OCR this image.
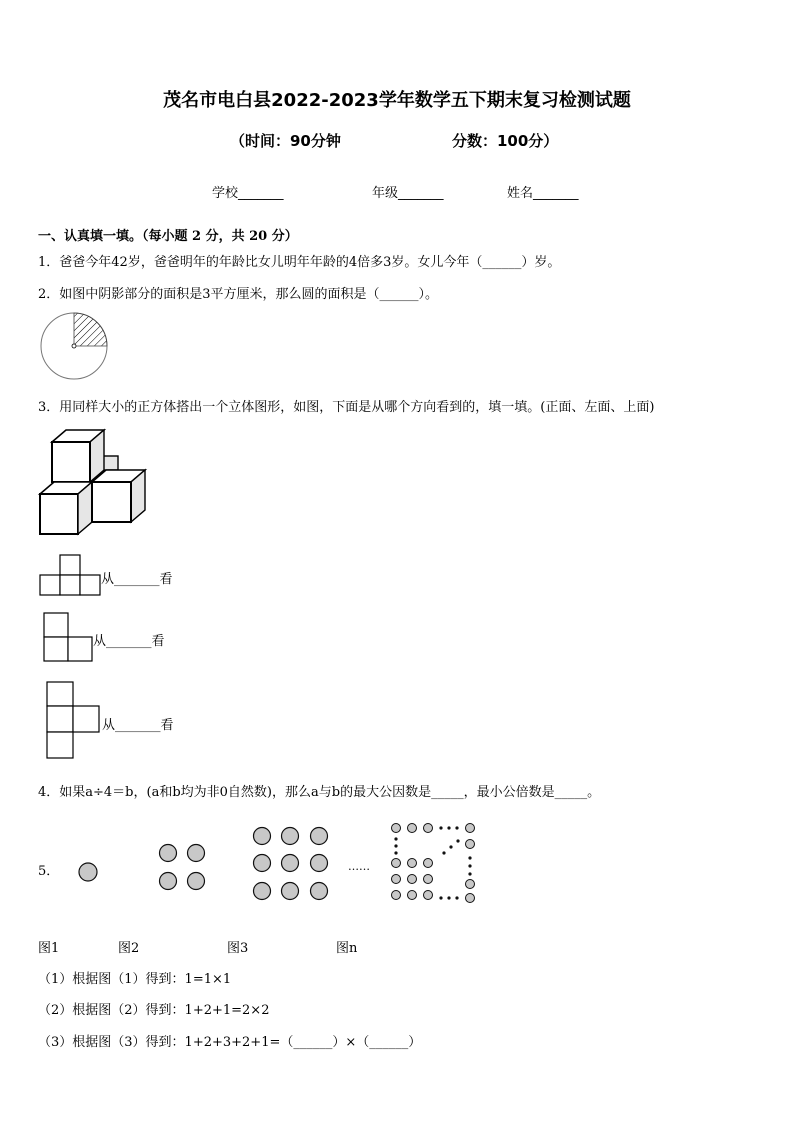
茂名市电白县2022-2023学年数学五下期末复习检测试题
（时间：90分钟	分数：100分）
学校_______	年级_______	姓名_______
一、认真填一填。（每小题 2 分，共 20 分）
1．爸爸今年42岁，爸爸明年的年龄比女儿明年年龄的4倍多3岁。女儿今年（______）岁。
2．如图中阴影部分的面积是3平方厘米，那么圆的面积是（______）。
3．用同样大小的正方体搭出一个立体图形，如图，下面是从哪个方向看到的，填一填。(正面、左面、上面)
从_______看
从_______看
从_______看
4．如果a÷4＝b，(a和b均为非0自然数)，那么a与b的最大公因数是_____，最小公倍数是_____。
5．	……
图1	图2	图3	图n
（1）根据图（1）得到：1=1×1
（2）根据图（2）得到：1+2+1=2×2
（3）根据图（3）得到：1+2+3+2+1=（______）×（______）
